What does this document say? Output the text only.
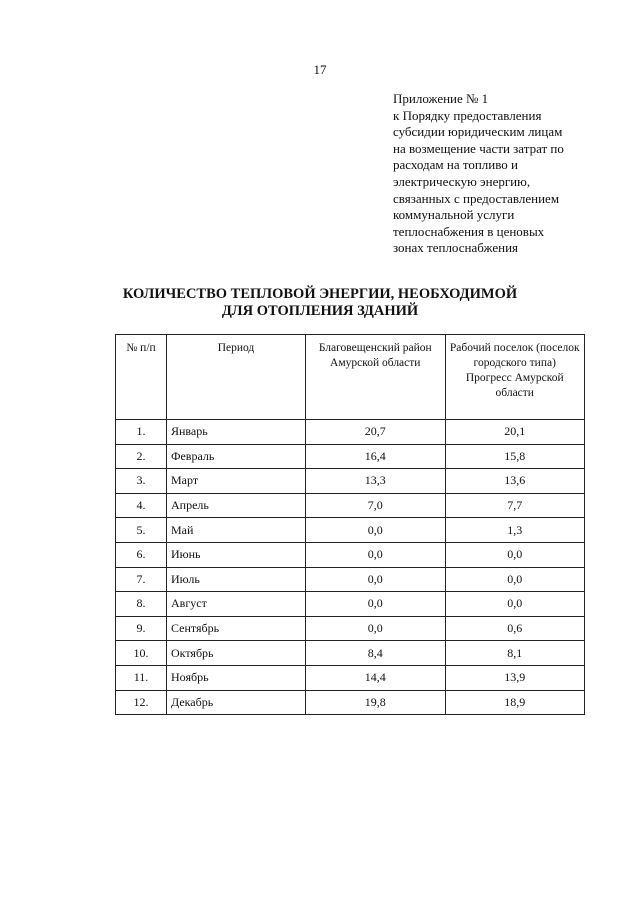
17
Приложение № 1
к Порядку предоставления
субсидии юридическим лицам
на возмещение части затрат по
расходам на топливо и
электрическую энергию,
связанных с предоставлением
коммунальной услуги
теплоснабжения в ценовых
зонах теплоснабжения
КОЛИЧЕСТВО ТЕПЛОВОЙ ЭНЕРГИИ, НЕОБХОДИМОЙ
ДЛЯ ОТОПЛЕНИЯ ЗДАНИЙ
№ п/п	Период	Благовещенский район Амурской области	Рабочий поселок (поселок городского типа) Прогресс Амурской области
1.	Январь	20,7	20,1
2.	Февраль	16,4	15,8
3.	Март	13,3	13,6
4.	Апрель	7,0	7,7
5.	Май	0,0	1,3
6.	Июнь	0,0	0,0
7.	Июль	0,0	0,0
8.	Август	0,0	0,0
9.	Сентябрь	0,0	0,6
10.	Октябрь	8,4	8,1
11.	Ноябрь	14,4	13,9
12.	Декабрь	19,8	18,9
